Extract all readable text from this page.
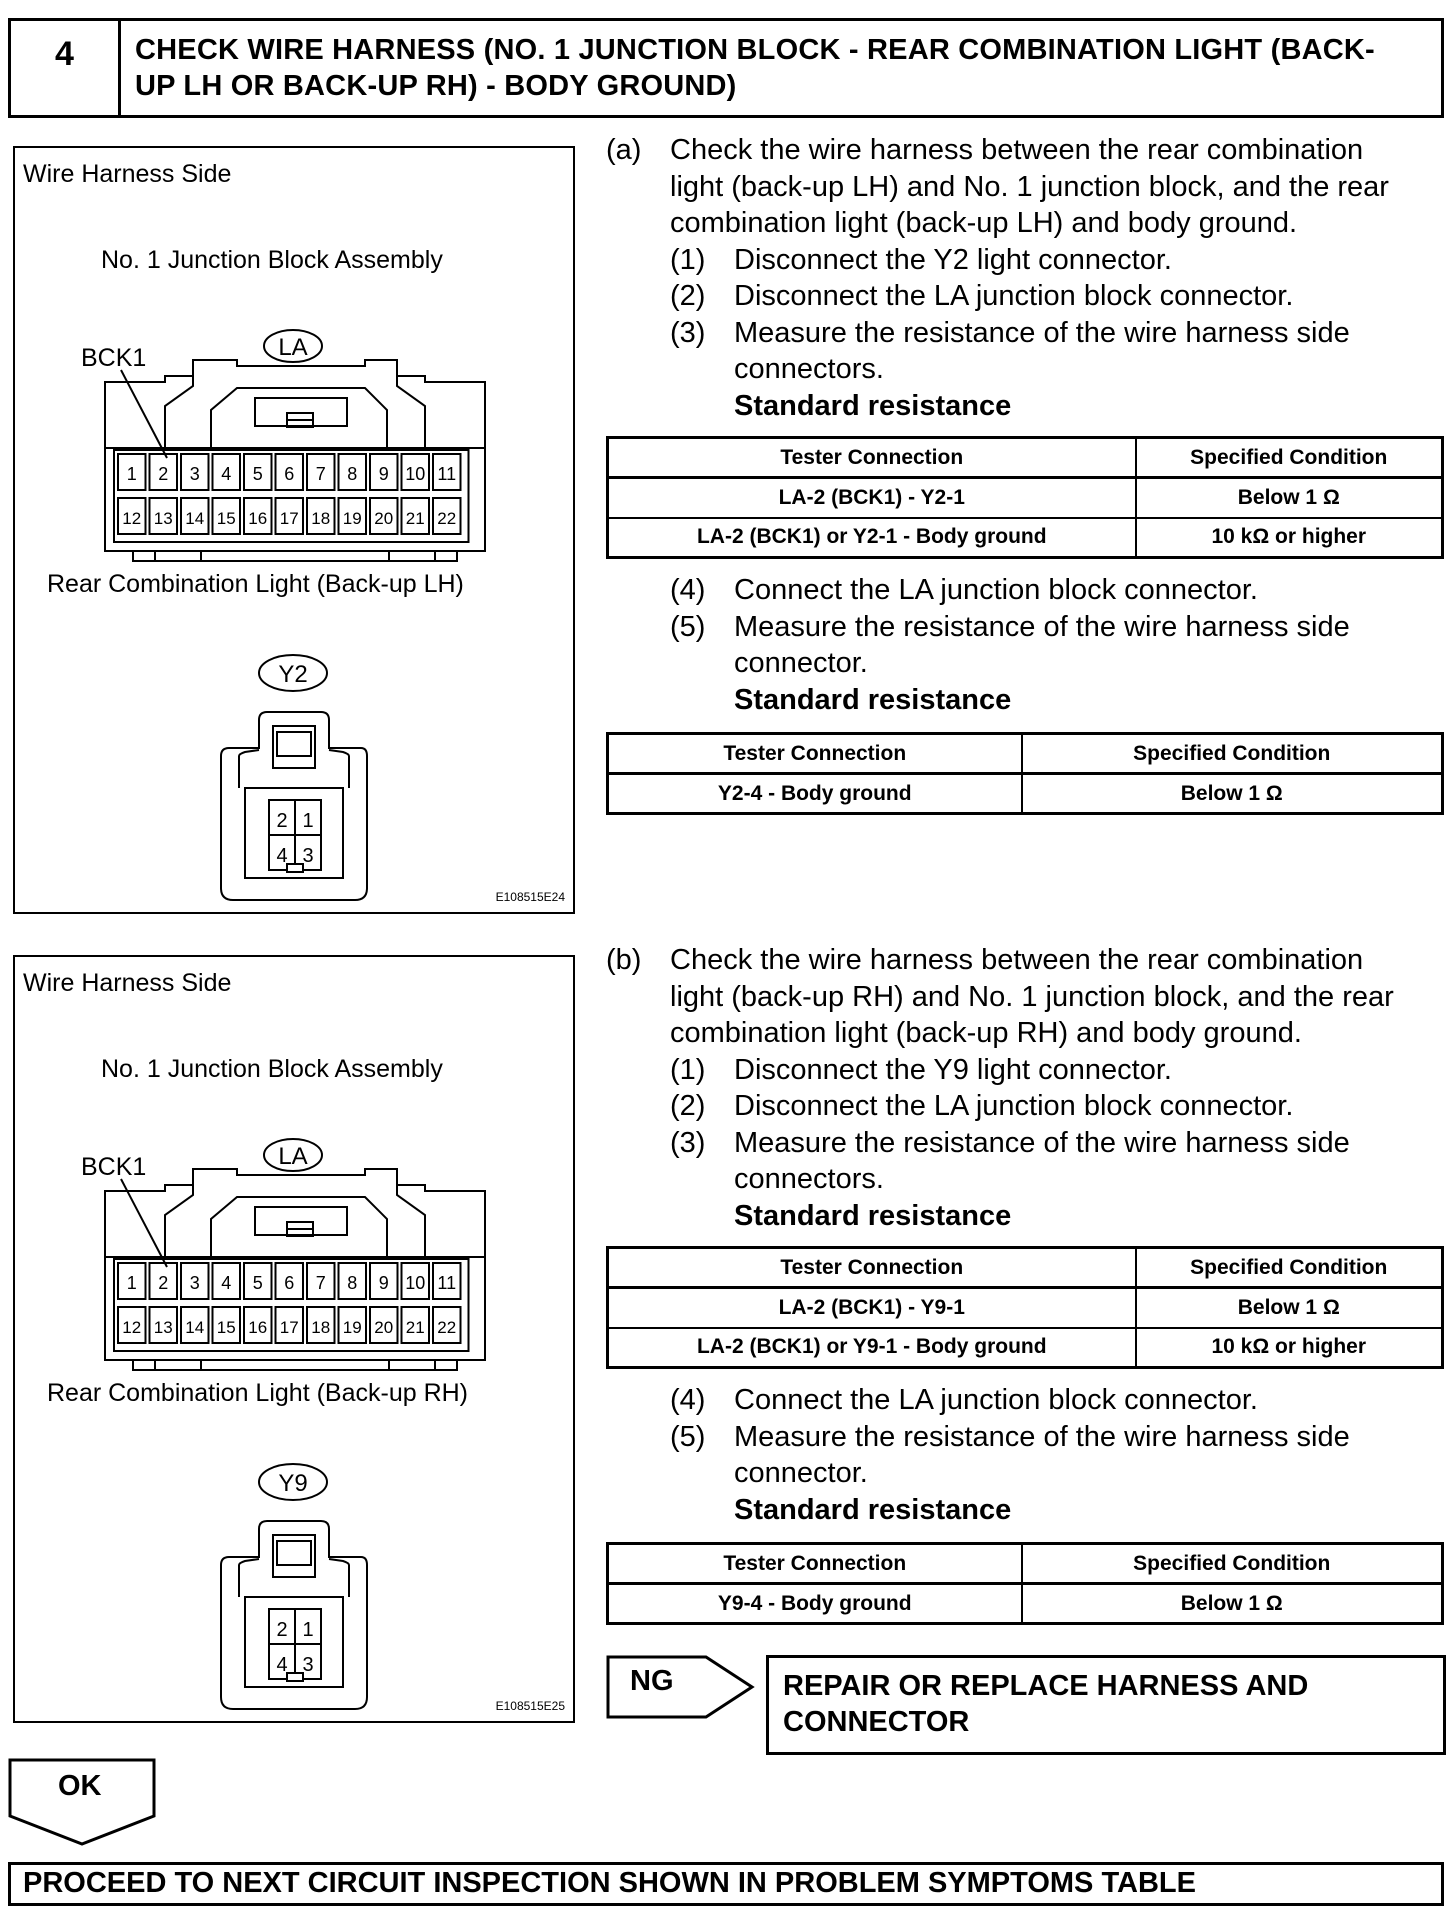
4	CHECK WIRE HARNESS (NO. 1 JUNCTION BLOCK - REAR COMBINATION LIGHT (BACK-
UP LH OR BACK-UP RH) - BODY GROUND)
Wire Harness Side
No. 1 Junction Block Assembly
BCK1
Rear Combination Light (Back-up LH)
LA
1 2 3 4 5 6 7 8 9 10 11
12 13 14 15 16 17 18 19 20 21 22
Y2
2 1
4 3
E108515E24
Wire Harness Side
No. 1 Junction Block Assembly
BCK1
Rear Combination Light (Back-up RH)
LA
1 2 3 4 5 6 7 8 9 10 11
12 13 14 15 16 17 18 19 20 21 22
Y9
2 1
4 3
E108515E25
(a) Check the wire harness between the rear combination
light (back-up LH) and No. 1 junction block, and the rear
combination light (back-up LH) and body ground.
(1) Disconnect the Y2 light connector.
(2) Disconnect the LA junction block connector.
(3) Measure the resistance of the wire harness side
connectors.
Standard resistance
Tester Connection	Specified Condition
LA-2 (BCK1) - Y2-1	Below 1 Ω
LA-2 (BCK1) or Y2-1 - Body ground	10 kΩ or higher
(4) Connect the LA junction block connector.
(5) Measure the resistance of the wire harness side
connector.
Standard resistance
Tester Connection	Specified Condition
Y2-4 - Body ground	Below 1 Ω
(b) Check the wire harness between the rear combination
light (back-up RH) and No. 1 junction block, and the rear
combination light (back-up RH) and body ground.
(1) Disconnect the Y9 light connector.
(2) Disconnect the LA junction block connector.
(3) Measure the resistance of the wire harness side
connectors.
Standard resistance
Tester Connection	Specified Condition
LA-2 (BCK1) - Y9-1	Below 1 Ω
LA-2 (BCK1) or Y9-1 - Body ground	10 kΩ or higher
(4) Connect the LA junction block connector.
(5) Measure the resistance of the wire harness side
connector.
Standard resistance
Tester Connection	Specified Condition
Y9-4 - Body ground	Below 1 Ω
NG	REPAIR OR REPLACE HARNESS AND
CONNECTOR
OK
PROCEED TO NEXT CIRCUIT INSPECTION SHOWN IN PROBLEM SYMPTOMS TABLE
